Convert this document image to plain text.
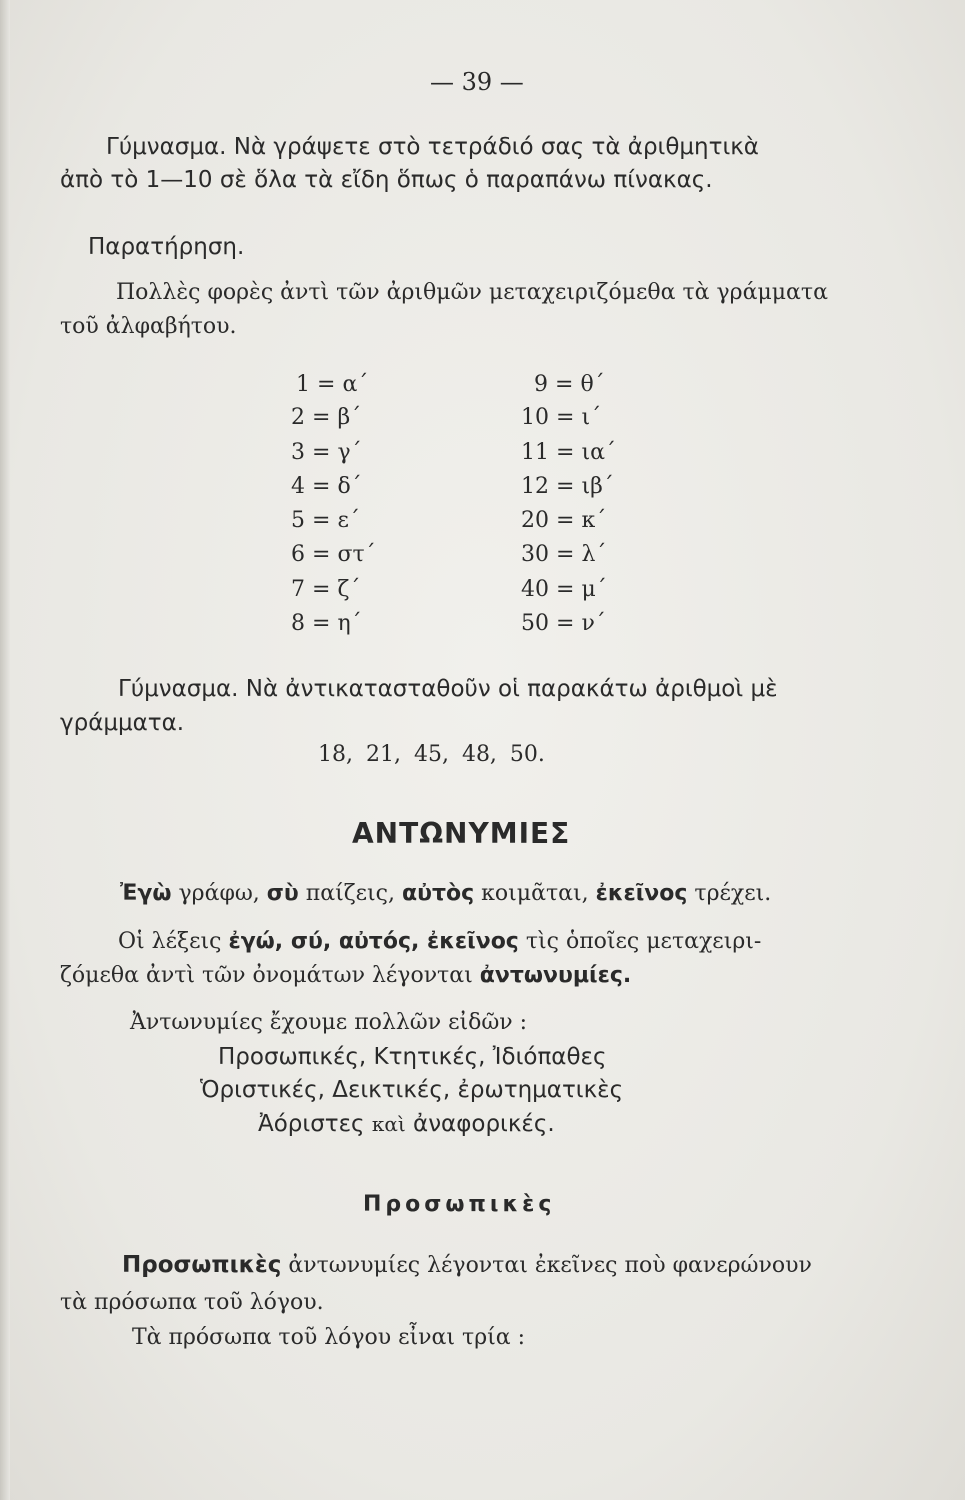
— 39 —
Γύμνασμα. Νὰ γράψετε στὸ τετράδιό σας τὰ ἀριθμητικὰ
ἀπὸ τὸ 1—10 σὲ ὅλα τὰ εἴδη ὅπως ὁ παραπάνω πίνακας.
Παρατήρηση.
Πολλὲς φορὲς ἀντὶ τῶν ἀριθμῶν μεταχειριζόμεθα τὰ γράμματα
τοῦ ἀλφαβήτου.
1 = α΄
2 = β΄
3 = γ΄
4 = δ΄
5 = ε΄
6 = στ΄
7 = ζ΄
8 = η΄
9 = θ΄
10 = ι΄
11 = ια΄
12 = ιβ΄
20 = κ΄
30 = λ΄
40 = μ΄
50 = ν΄
Γύμνασμα. Νὰ ἀντικατασταθοῦν οἱ παρακάτω ἀριθμοὶ μὲ
γράμματα.
18, 21, 45, 48, 50.
ΑΝΤΩΝΥΜΙΕΣ
Ἐγὼ γράφω, σὺ παίζεις, αὐτὸς κοιμᾶται, ἐκεῖνος τρέχει.
Οἱ λέξεις ἐγώ, σύ, αὐτός, ἐκεῖνος τὶς ὁποῖες μεταχειρι-
ζόμεθα ἀντὶ τῶν ὀνομάτων λέγονται ἀντωνυμίες.
Ἀντωνυμίες ἔχουμε πολλῶν εἰδῶν :
Προσωπικές, Κτητικές, Ἰδιόπαθες
Ὁριστικές, Δεικτικές, ἐρωτηματικὲς
Ἀόριστες καὶ ἀναφορικές.
Προσωπικὲς
Προσωπικὲς ἀντωνυμίες λέγονται ἐκεῖνες ποὺ φανερώνουν
τὰ πρόσωπα τοῦ λόγου.
Τὰ πρόσωπα τοῦ λόγου εἶναι τρία :
